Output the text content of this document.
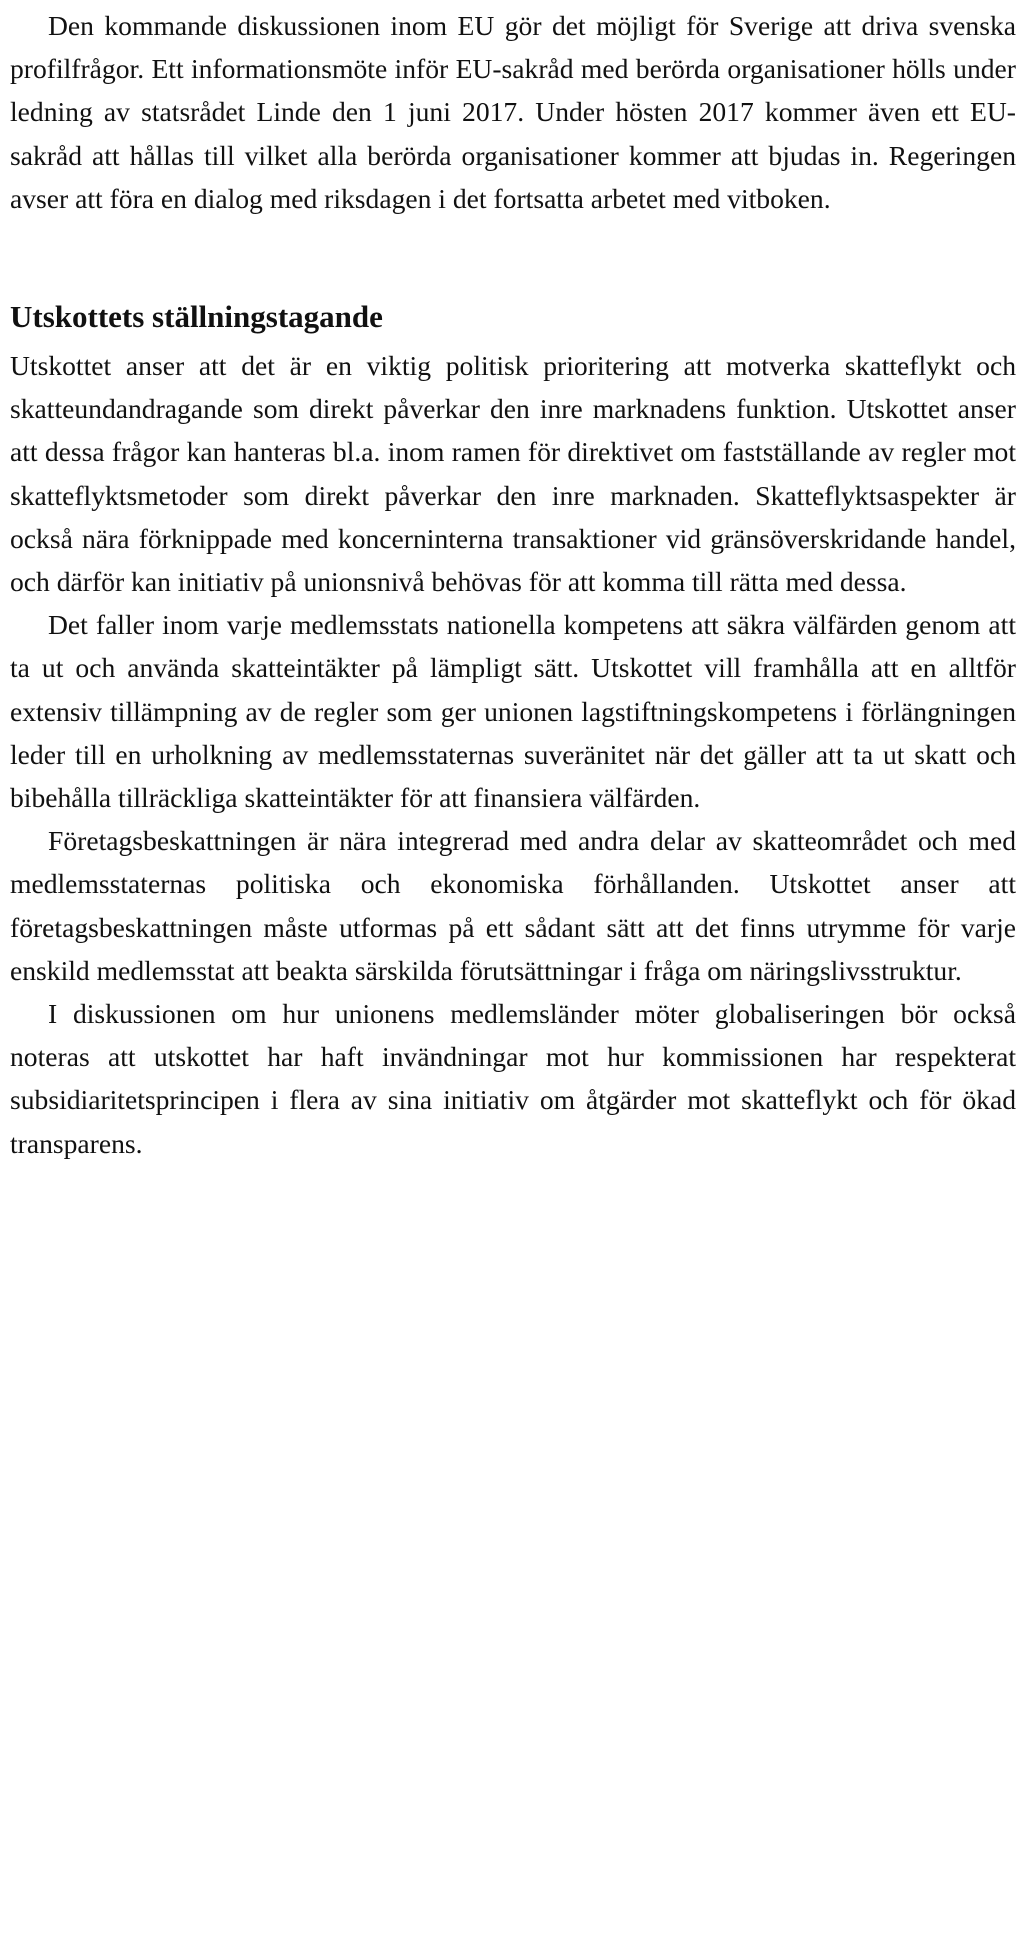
Den kommande diskussionen inom EU gör det möjligt för Sverige att driva svenska profilfrågor. Ett informationsmöte inför EU-sakråd med berörda organisationer hölls under ledning av statsrådet Linde den 1 juni 2017. Under hösten 2017 kommer även ett EU-sakråd att hållas till vilket alla berörda organisationer kommer att bjudas in. Regeringen avser att föra en dialog med riksdagen i det fortsatta arbetet med vitboken.

Utskottets ställningstagande

Utskottet anser att det är en viktig politisk prioritering att motverka skatteflykt och skatteundandragande som direkt påverkar den inre marknadens funktion. Utskottet anser att dessa frågor kan hanteras bl.a. inom ramen för direktivet om fastställande av regler mot skatteflyktsmetoder som direkt påverkar den inre marknaden. Skatteflyktsaspekter är också nära förknippade med koncerninterna transaktioner vid gränsöverskridande handel, och därför kan initiativ på unionsnivå behövas för att komma till rätta med dessa.

Det faller inom varje medlemsstats nationella kompetens att säkra välfärden genom att ta ut och använda skatteintäkter på lämpligt sätt. Utskottet vill framhålla att en alltför extensiv tillämpning av de regler som ger unionen lagstiftningskompetens i förlängningen leder till en urholkning av medlemsstaternas suveränitet när det gäller att ta ut skatt och bibehålla tillräckliga skatteintäkter för att finansiera välfärden.

Företagsbeskattningen är nära integrerad med andra delar av skatteområdet och med medlemsstaternas politiska och ekonomiska förhållanden. Utskottet anser att företagsbeskattningen måste utformas på ett sådant sätt att det finns utrymme för varje enskild medlemsstat att beakta särskilda förutsättningar i fråga om näringslivsstruktur.

I diskussionen om hur unionens medlemsländer möter globaliseringen bör också noteras att utskottet har haft invändningar mot hur kommissionen har respekterat subsidiaritetsprincipen i flera av sina initiativ om åtgärder mot skatteflykt och för ökad transparens.
